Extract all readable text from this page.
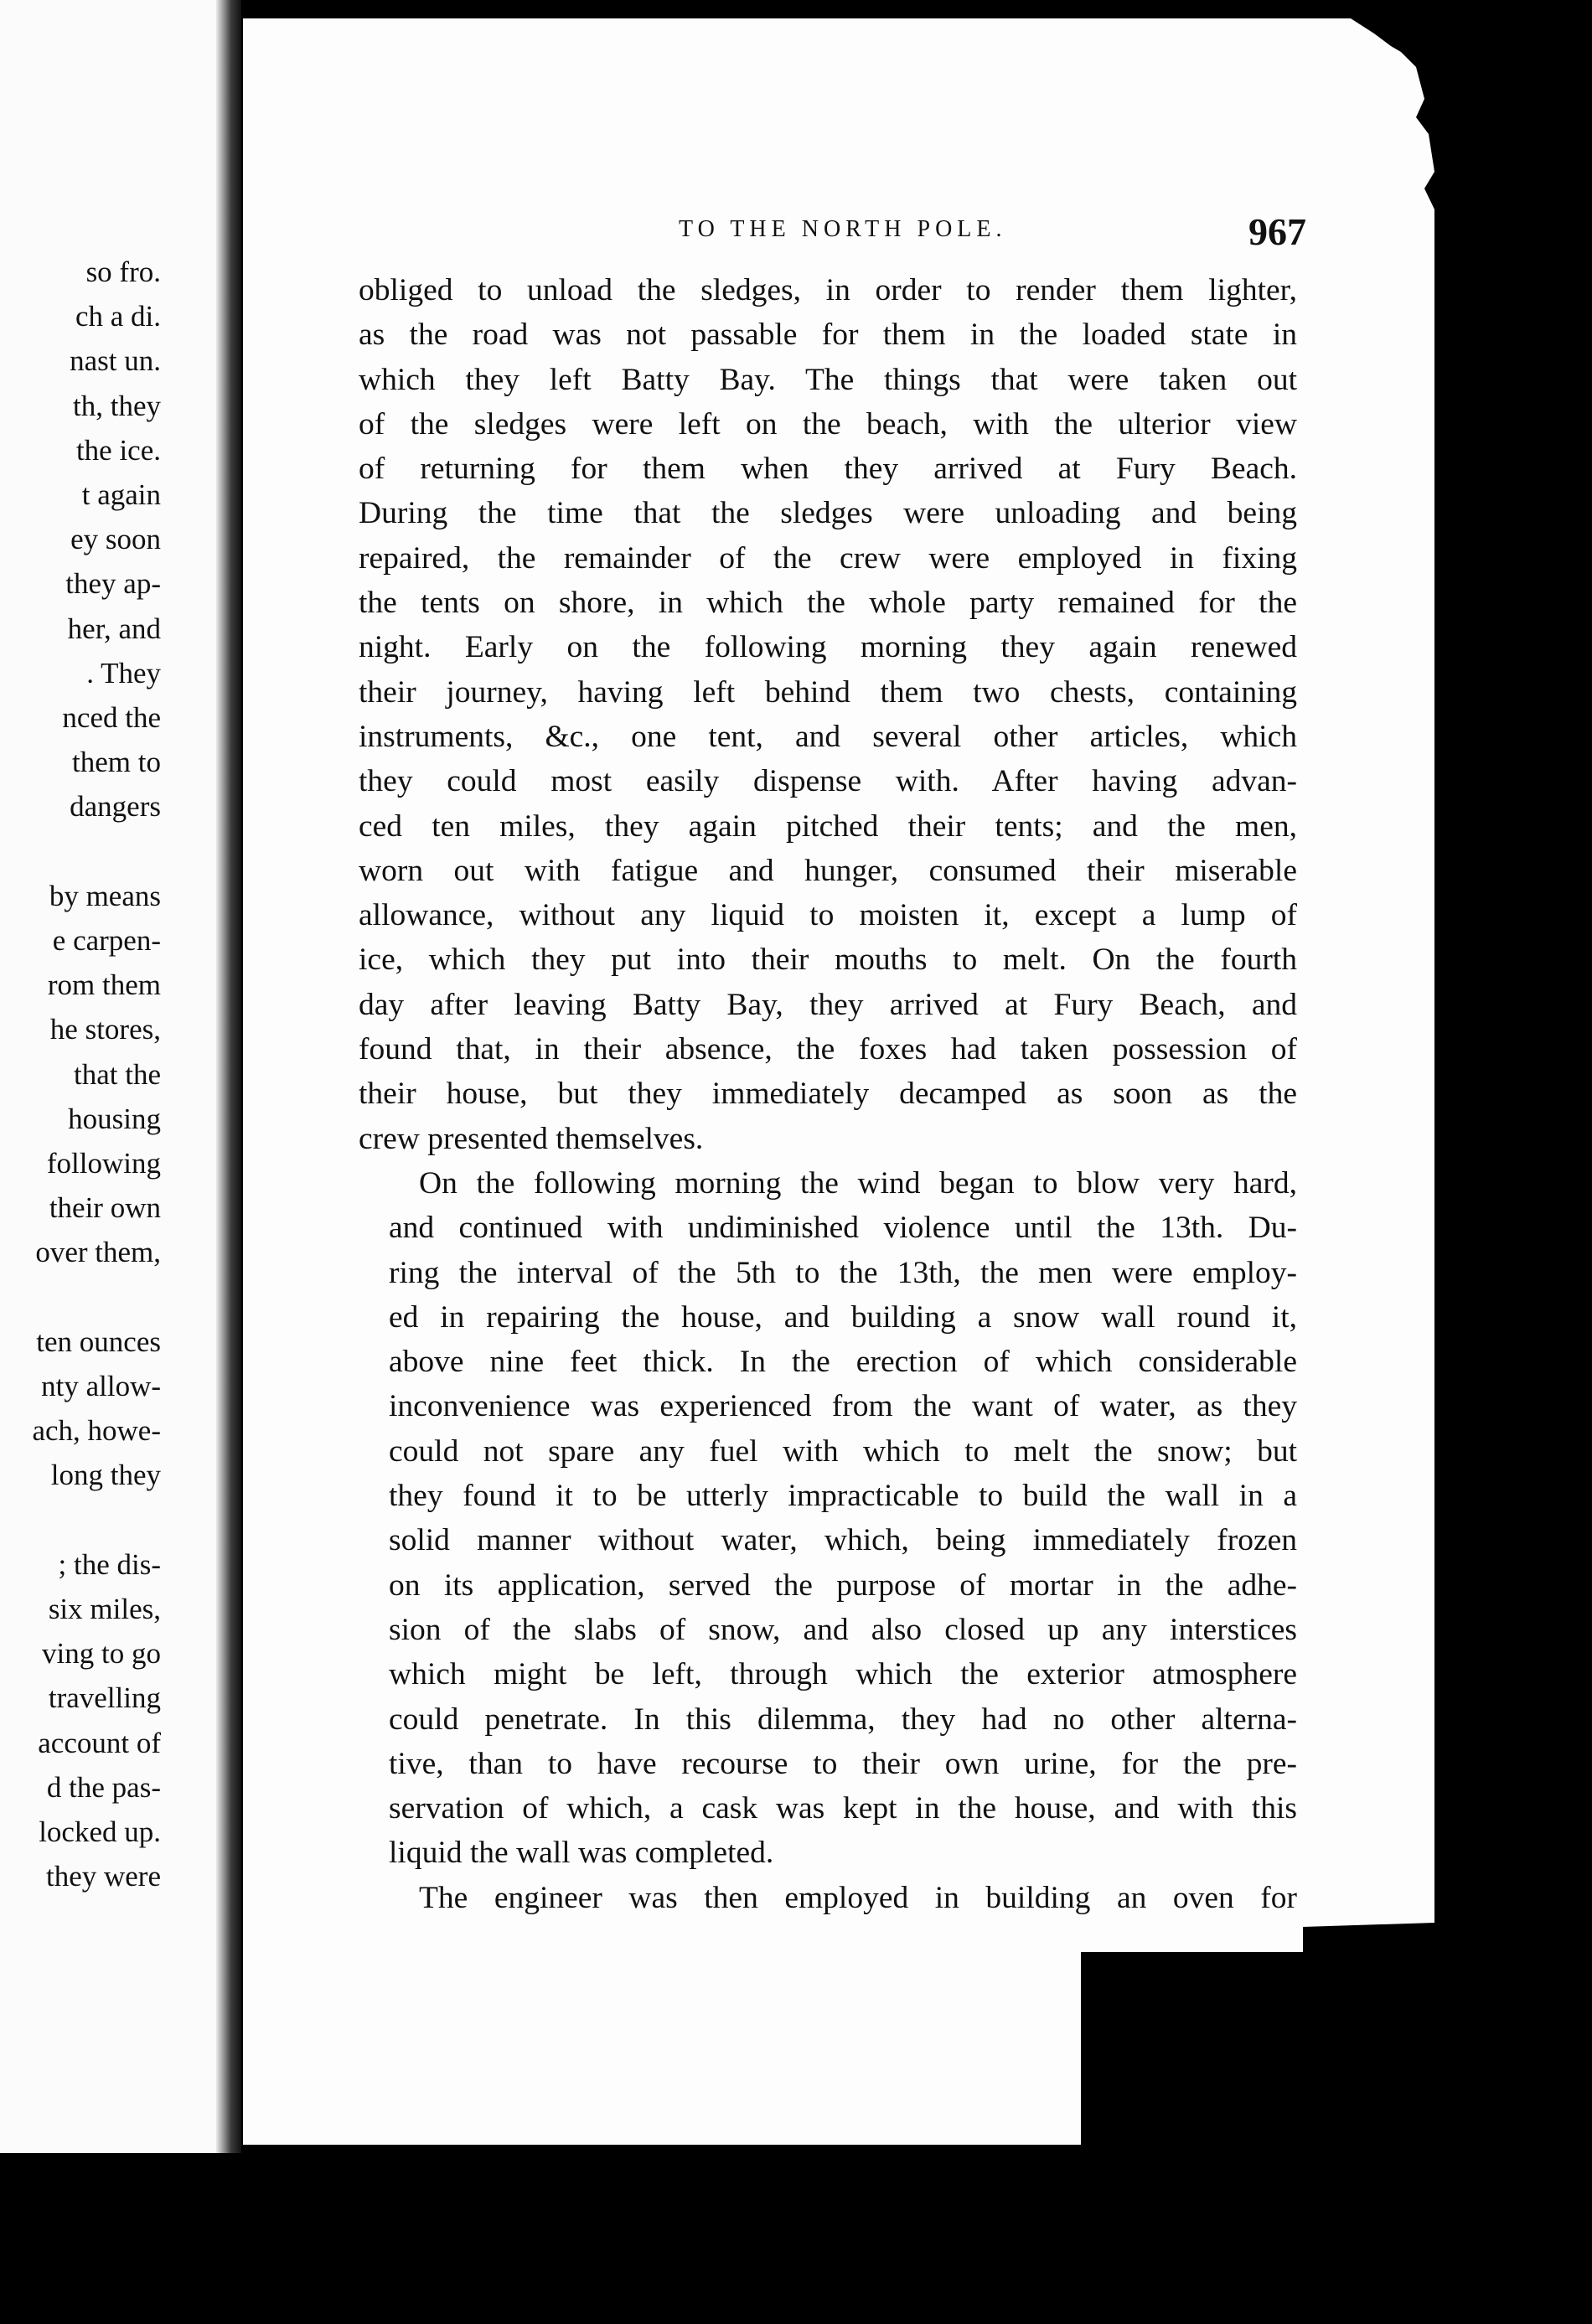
so fro.
ch a di.
nast un.
th, they
the ice.
t again
ey soon
they ap-
her, and
. They
nced the
them to
dangers
by means
e carpen-
rom them
he stores,
that the
housing
following
their own
over them,
ten ounces
nty allow-
ach, howe-
long they
; the dis-
six miles,
ving to go
travelling
account of
d the pas-
locked up.
they were
TO THE NORTH POLE.	967
obliged to unload the sledges, in order to render them lighter,
as the road was not passable for them in the loaded state in
which they left Batty Bay. The things that were taken out
of the sledges were left on the beach, with the ulterior view
of returning for them when they arrived at Fury Beach.
During the time that the sledges were unloading and being
repaired, the remainder of the crew were employed in fixing
the tents on shore, in which the whole party remained for the
night. Early on the following morning they again renewed
their journey, having left behind them two chests, containing
instruments, &c., one tent, and several other articles, which
they could most easily dispense with. After having advan-
ced ten miles, they again pitched their tents; and the men,
worn out with fatigue and hunger, consumed their miserable
allowance, without any liquid to moisten it, except a lump of
ice, which they put into their mouths to melt. On the fourth
day after leaving Batty Bay, they arrived at Fury Beach, and
found that, in their absence, the foxes had taken possession of
their house, but they immediately decamped as soon as the
crew presented themselves.
On the following morning the wind began to blow very hard,
and continued with undiminished violence until the 13th. Du-
ring the interval of the 5th to the 13th, the men were employ-
ed in repairing the house, and building a snow wall round it,
above nine feet thick. In the erection of which considerable
inconvenience was experienced from the want of water, as they
could not spare any fuel with which to melt the snow; but
they found it to be utterly impracticable to build the wall in a
solid manner without water, which, being immediately frozen
on its application, served the purpose of mortar in the adhe-
sion of the slabs of snow, and also closed up any interstices
which might be left, through which the exterior atmosphere
could penetrate. In this dilemma, they had no other alterna-
tive, than to have recourse to their own urine, for the pre-
servation of which, a cask was kept in the house, and with this
liquid the wall was completed.
The engineer was then employed in building an oven for
